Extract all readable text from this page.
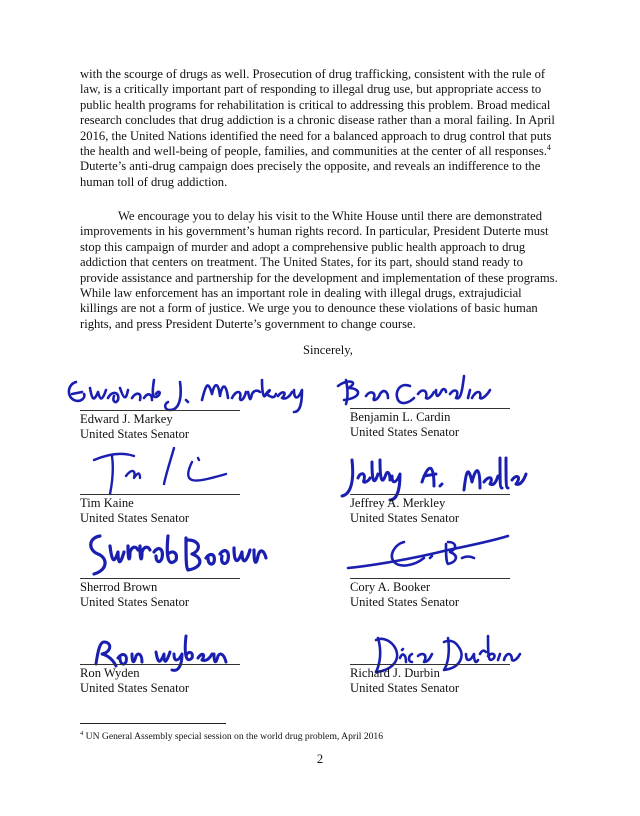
with the scourge of drugs as well. Prosecution of drug trafficking, consistent with the rule of law, is a critically important part of responding to illegal drug use, but appropriate access to public health programs for rehabilitation is critical to addressing this problem. Broad medical research concludes that drug addiction is a chronic disease rather than a moral failing. In April 2016, the United Nations identified the need for a balanced approach to drug control that puts the health and well-being of people, families, and communities at the center of all responses.$^4$ Duterte’s anti-drug campaign does precisely the opposite, and reveals an indifference to the human toll of drug addiction.

We encourage you to delay his visit to the White House until there are demonstrated improvements in his government’s human rights record. In particular, President Duterte must stop this campaign of murder and adopt a comprehensive public health approach to drug addiction that centers on treatment. The United States, for its part, should stand ready to provide assistance and partnership for the development and implementation of these programs. While law enforcement has an important role in dealing with illegal drugs, extrajudicial killings are not a form of justice. We urge you to denounce these violations of basic human rights, and press President Duterte’s government to change course.

Sincerely,
Edward J. Markey
United States Senator
Benjamin L. Cardin
United States Senator
Tim Kaine
United States Senator
Jeffrey A. Merkley
United States Senator
Sherrod Brown
United States Senator
Cory A. Booker
United States Senator
Ron Wyden
United States Senator
Richard J. Durbin
United States Senator
$^4$ UN General Assembly special session on the world drug problem, April 2016
2
